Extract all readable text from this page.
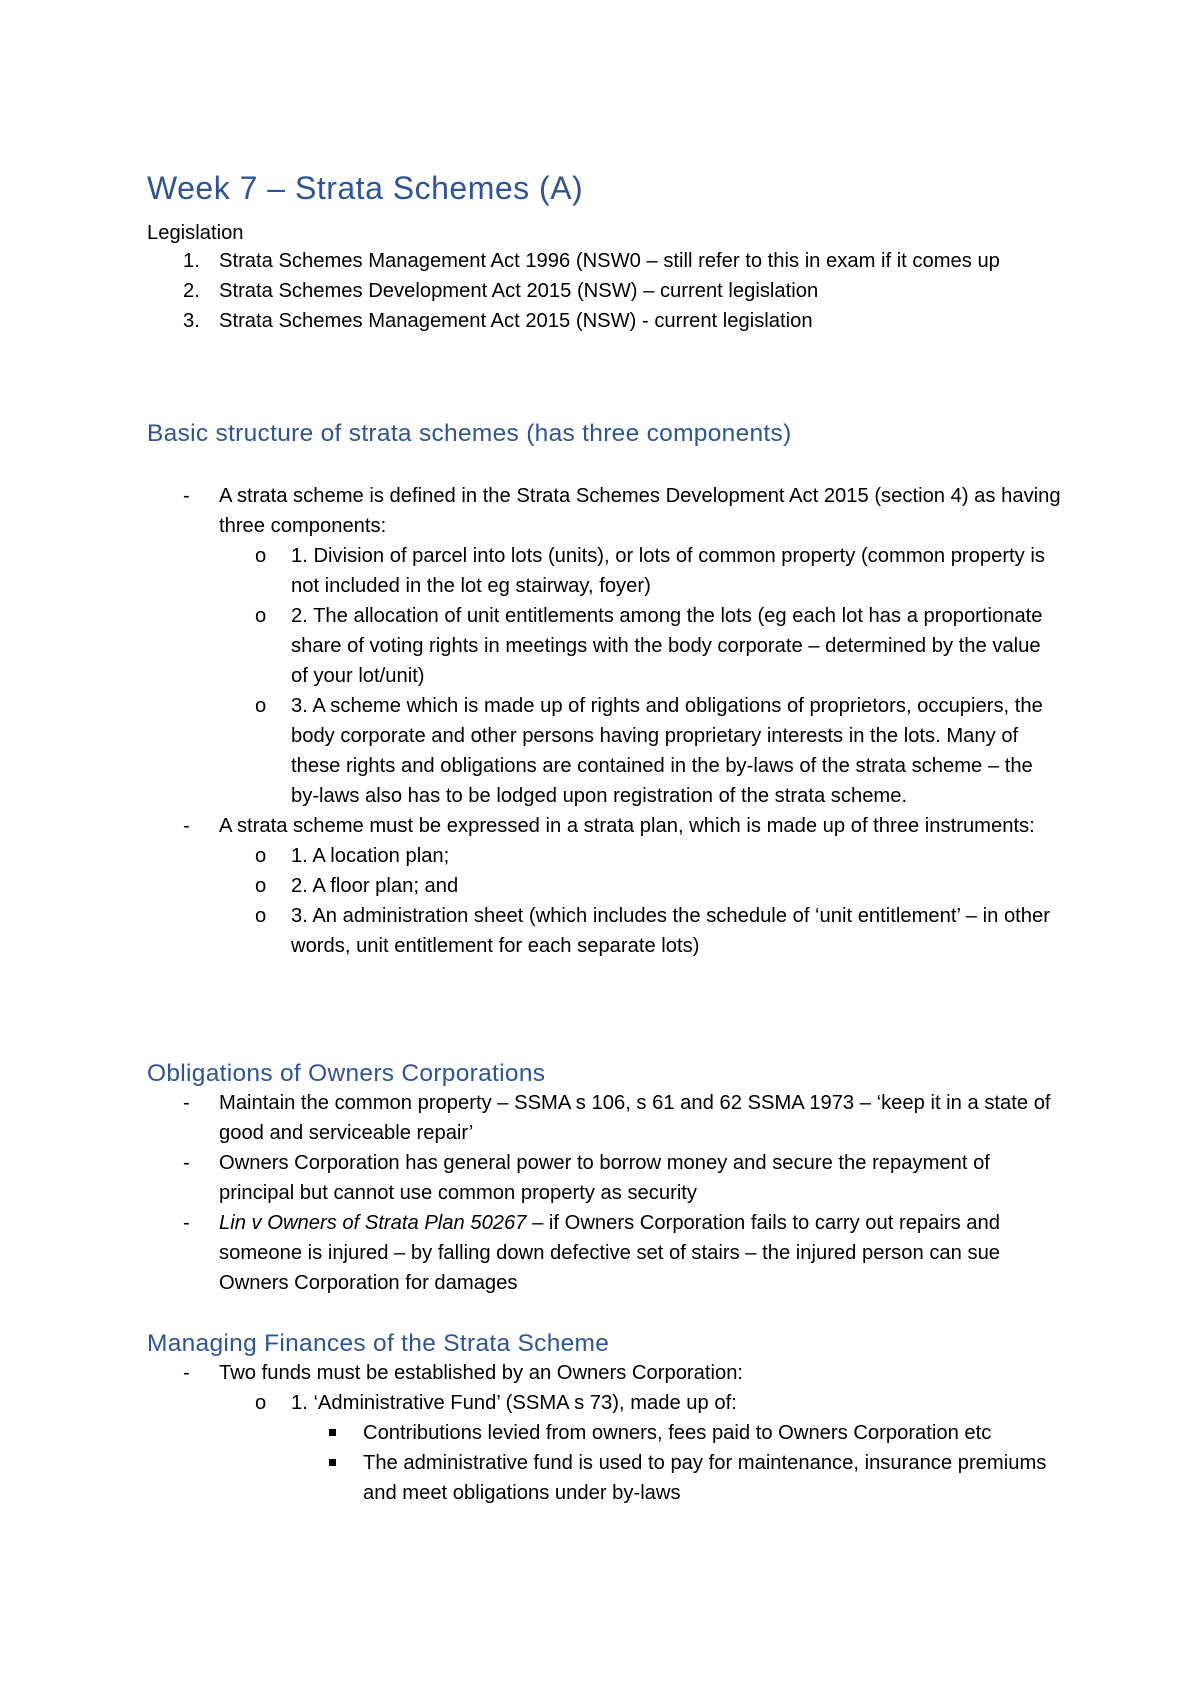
Week 7 – Strata Schemes (A)

Legislation

1. Strata Schemes Management Act 1996 (NSW0 – still refer to this in exam if it comes up
2. Strata Schemes Development Act 2015 (NSW) – current legislation
3. Strata Schemes Management Act 2015 (NSW) - current legislation
Basic structure of strata schemes (has three components)
- A strata scheme is defined in the Strata Schemes Development Act 2015 (section 4) as having three components:
o 1. Division of parcel into lots (units), or lots of common property (common property is not included in the lot eg stairway, foyer)
o 2. The allocation of unit entitlements among the lots (eg each lot has a proportionate share of voting rights in meetings with the body corporate – determined by the value of your lot/unit)
o 3. A scheme which is made up of rights and obligations of proprietors, occupiers, the body corporate and other persons having proprietary interests in the lots. Many of these rights and obligations are contained in the by-laws of the strata scheme – the by-laws also has to be lodged upon registration of the strata scheme.
- A strata scheme must be expressed in a strata plan, which is made up of three instruments:
o 1. A location plan;
o 2. A floor plan; and
o 3. An administration sheet (which includes the schedule of ‘unit entitlement’ – in other words, unit entitlement for each separate lots)
Obligations of Owners Corporations
- Maintain the common property – SSMA s 106, s 61 and 62 SSMA 1973 – ‘keep it in a state of good and serviceable repair’
- Owners Corporation has general power to borrow money and secure the repayment of principal but cannot use common property as security
- Lin v Owners of Strata Plan 50267 – if Owners Corporation fails to carry out repairs and someone is injured – by falling down defective set of stairs – the injured person can sue Owners Corporation for damages
Managing Finances of the Strata Scheme
- Two funds must be established by an Owners Corporation:
o 1. ‘Administrative Fund’ (SSMA s 73), made up of:
Contributions levied from owners, fees paid to Owners Corporation etc
The administrative fund is used to pay for maintenance, insurance premiums and meet obligations under by-laws
